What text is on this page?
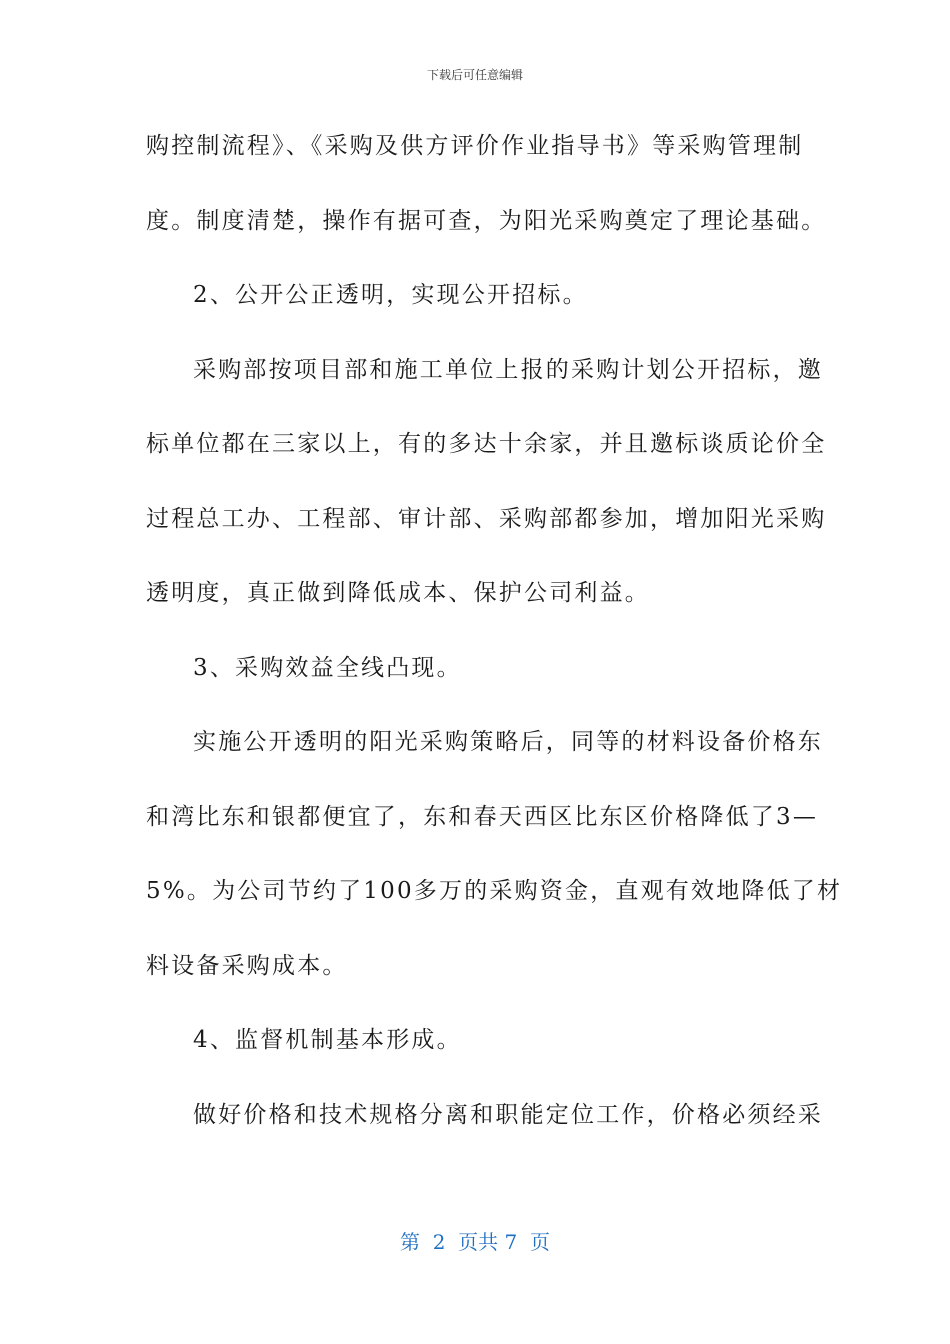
下载后可任意编辑
购控制流程》、《采购及供方评价作业指导书》等采购管理制
度。制度清楚，操作有据可查，为阳光采购奠定了理论基础。
2、公开公正透明，实现公开招标。
采购部按项目部和施工单位上报的采购计划公开招标，邀
标单位都在三家以上，有的多达十余家，并且邀标谈质论价全
过程总工办、工程部、审计部、采购部都参加，增加阳光采购
透明度，真正做到降低成本、保护公司利益。
3、采购效益全线凸现。
实施公开透明的阳光采购策略后，同等的材料设备价格东
和湾比东和银都便宜了，东和春天西区比东区价格降低了3—
5%。为公司节约了100多万的采购资金，直观有效地降低了材
料设备采购成本。
4、监督机制基本形成。
做好价格和技术规格分离和职能定位工作，价格必须经采
第  2  页共 7  页
